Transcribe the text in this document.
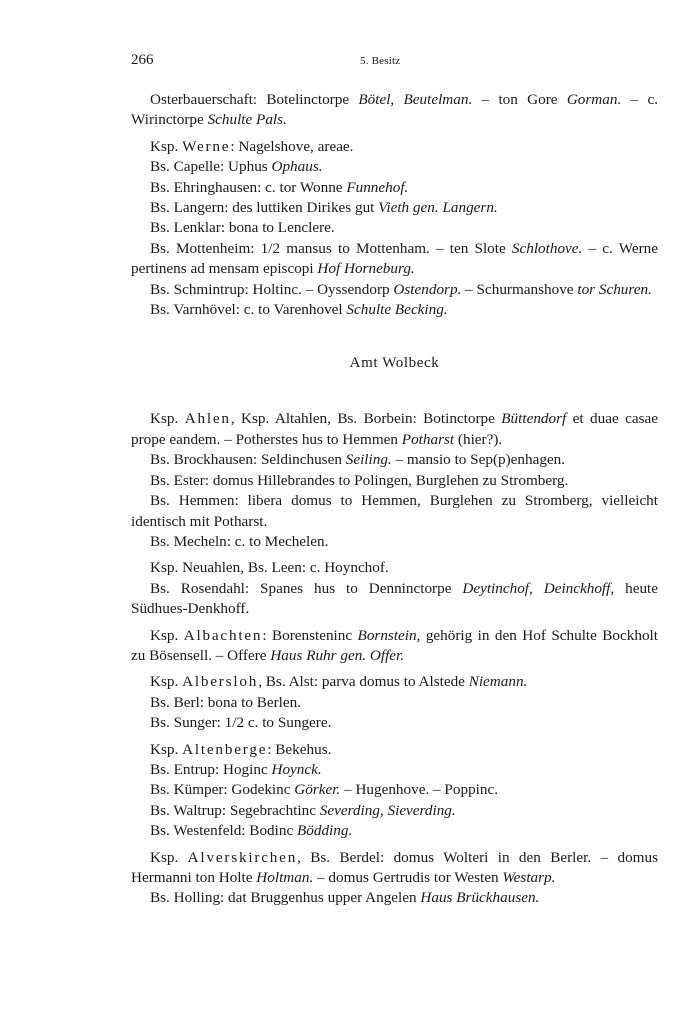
266	5. Besitz

Osterbauerschaft: Botelinctorpe Bötel, Beutelman. – ton Gore Gorman. – c. Wirinctorpe Schulte Pals.

Ksp. Werne: Nagelshove, areae.

Bs. Capelle: Uphus Ophaus.

Bs. Ehringhausen: c. tor Wonne Funnehof.

Bs. Langern: des luttiken Dirikes gut Vieth gen. Langern.

Bs. Lenklar: bona to Lenclere.

Bs. Mottenheim: 1/2 mansus to Mottenham. – ten Slote Schlothove. – c. Werne pertinens ad mensam episcopi Hof Horneburg.

Bs. Schmintrup: Holtinc. – Oyssendorp Ostendorp. – Schurmanshove tor Schuren.

Bs. Varnhövel: c. to Varenhovel Schulte Becking.

Amt Wolbeck

Ksp. Ahlen, Ksp. Altahlen, Bs. Borbein: Botinctorpe Büttendorf et duae casae prope eandem. – Potherstes hus to Hemmen Potharst (hier?).

Bs. Brockhausen: Seldinchusen Seiling. – mansio to Sep(p)enhagen.

Bs. Ester: domus Hillebrandes to Polingen, Burglehen zu Stromberg.

Bs. Hemmen: libera domus to Hemmen, Burglehen zu Stromberg, vielleicht identisch mit Potharst.

Bs. Mecheln: c. to Mechelen.

Ksp. Neuahlen, Bs. Leen: c. Hoynchof.

Bs. Rosendahl: Spanes hus to Denninctorpe Deytinchof, Deinckhoff, heute Südhues-Denkhoff.

Ksp. Albachten: Borensteninc Bornstein, gehörig in den Hof Schulte Bockholt zu Bösensell. – Offere Haus Ruhr gen. Offer.

Ksp. Albersloh, Bs. Alst: parva domus to Alstede Niemann.

Bs. Berl: bona to Berlen.

Bs. Sunger: 1/2 c. to Sungere.

Ksp. Altenberge: Bekehus.

Bs. Entrup: Hoginc Hoynck.

Bs. Kümper: Godekinc Görker. – Hugenhove. – Poppinc.

Bs. Waltrup: Segebrachtinc Severding, Sieverding.

Bs. Westenfeld: Bodinc Bödding.

Ksp. Alverskirchen, Bs. Berdel: domus Wolteri in den Berler. – domus Hermanni ton Holte Holtman. – domus Gertrudis tor Westen Westarp.

Bs. Holling: dat Bruggenhus upper Angelen Haus Brückhausen.
